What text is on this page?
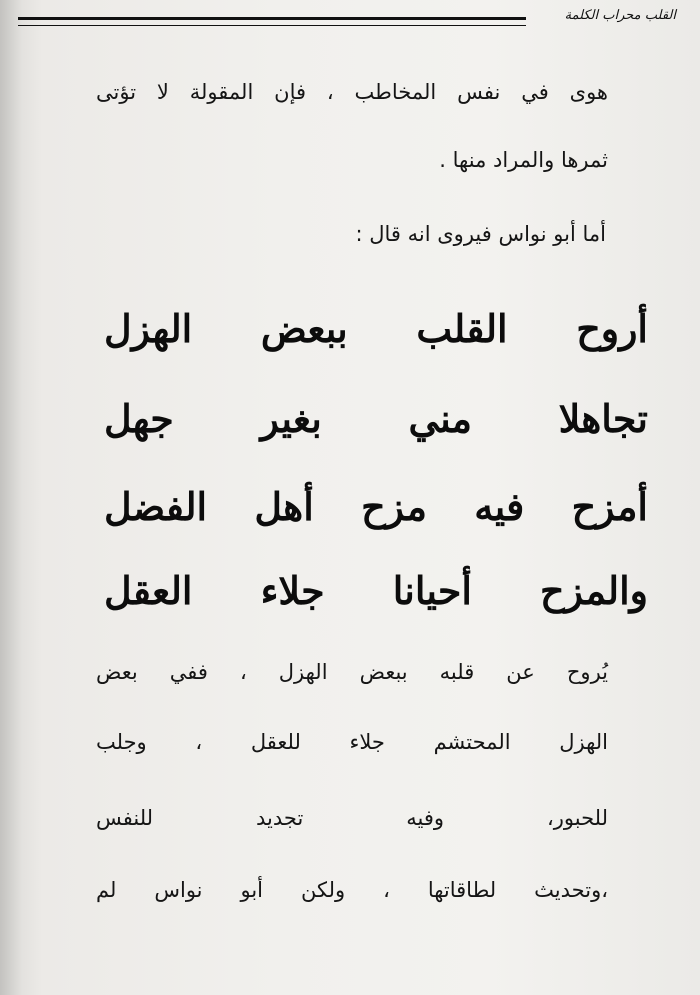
القلب محراب الكلمة
هوى في نفس المخاطب ، فإن المقولة لا تؤتى
ثمرها والمراد منها .
أما أبو نواس فيروى انه قال :
أروح القلب ببعض الهزل
تجاهلا مني بغير جهل
أمزح فيه مزح أهل الفضل
والمزح أحيانا جلاء العقل
يُروح عن قلبه ببعض الهزل ، ففي بعض
الهزل المحتشم جلاء للعقل ، وجلب
للحبور، وفيه تجديد للنفس
،وتحديث لطاقاتها ، ولكن أبو نواس لم
